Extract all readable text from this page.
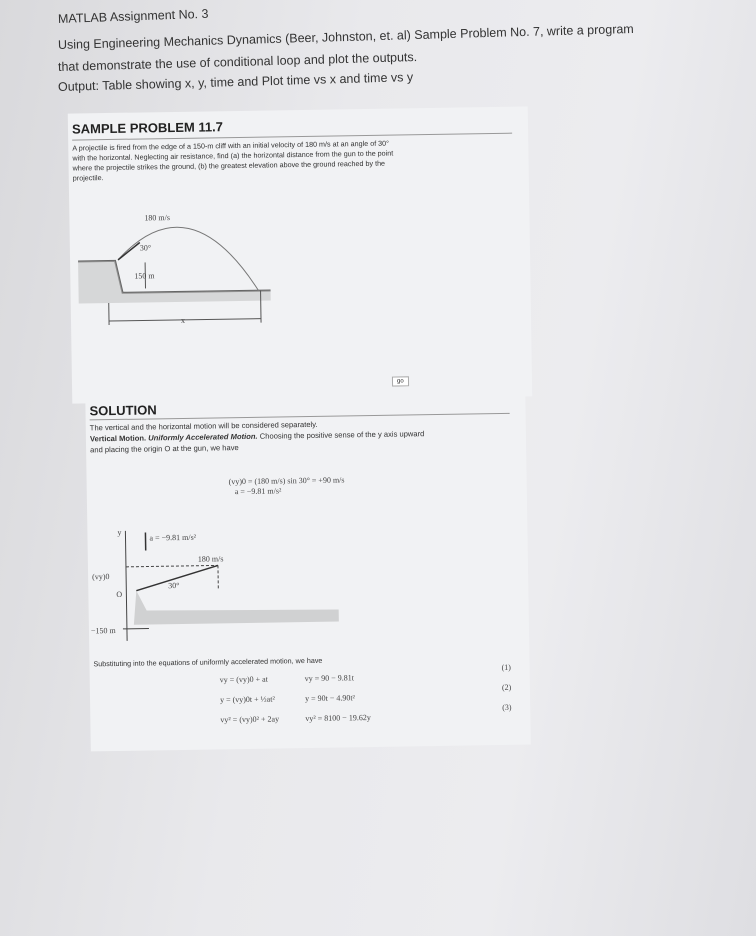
MATLAB Assignment No. 3
Using Engineering Mechanics Dynamics (Beer, Johnston, et. al) Sample Problem No. 7, write a program
that demonstrate the use of conditional loop and plot the outputs.
Output: Table showing x, y, time and Plot time vs x and time vs y
SAMPLE PROBLEM 11.7
A projectile is fired from the edge of a 150-m cliff with an initial velocity of 180 m/s at an angle of 30°
with the horizontal. Neglecting air resistance, find (a) the horizontal distance from the gun to the point
where the projectile strikes the ground, (b) the greatest elevation above the ground reached by the
projectile.
180 m/s
30°
150 m
x
go
SOLUTION
The vertical and the horizontal motion will be considered separately.
Vertical Motion. Uniformly Accelerated Motion. Choosing the positive sense of the y axis upward
and placing the origin O at the gun, we have
(vy)0 = (180 m/s) sin 30° = +90 m/s
a = −9.81 m/s²
y
a = −9.81 m/s²
180 m/s
(vy)0
30°
O
−150 m
Substituting into the equations of uniformly accelerated motion, we have
vy = (vy)0 + at	vy = 90 − 9.81t
(1)
y = (vy)0t + ½at²	y = 90t − 4.90t²
(2)
vy² = (vy)0² + 2ay	vy² = 8100 − 19.62y
(3)
